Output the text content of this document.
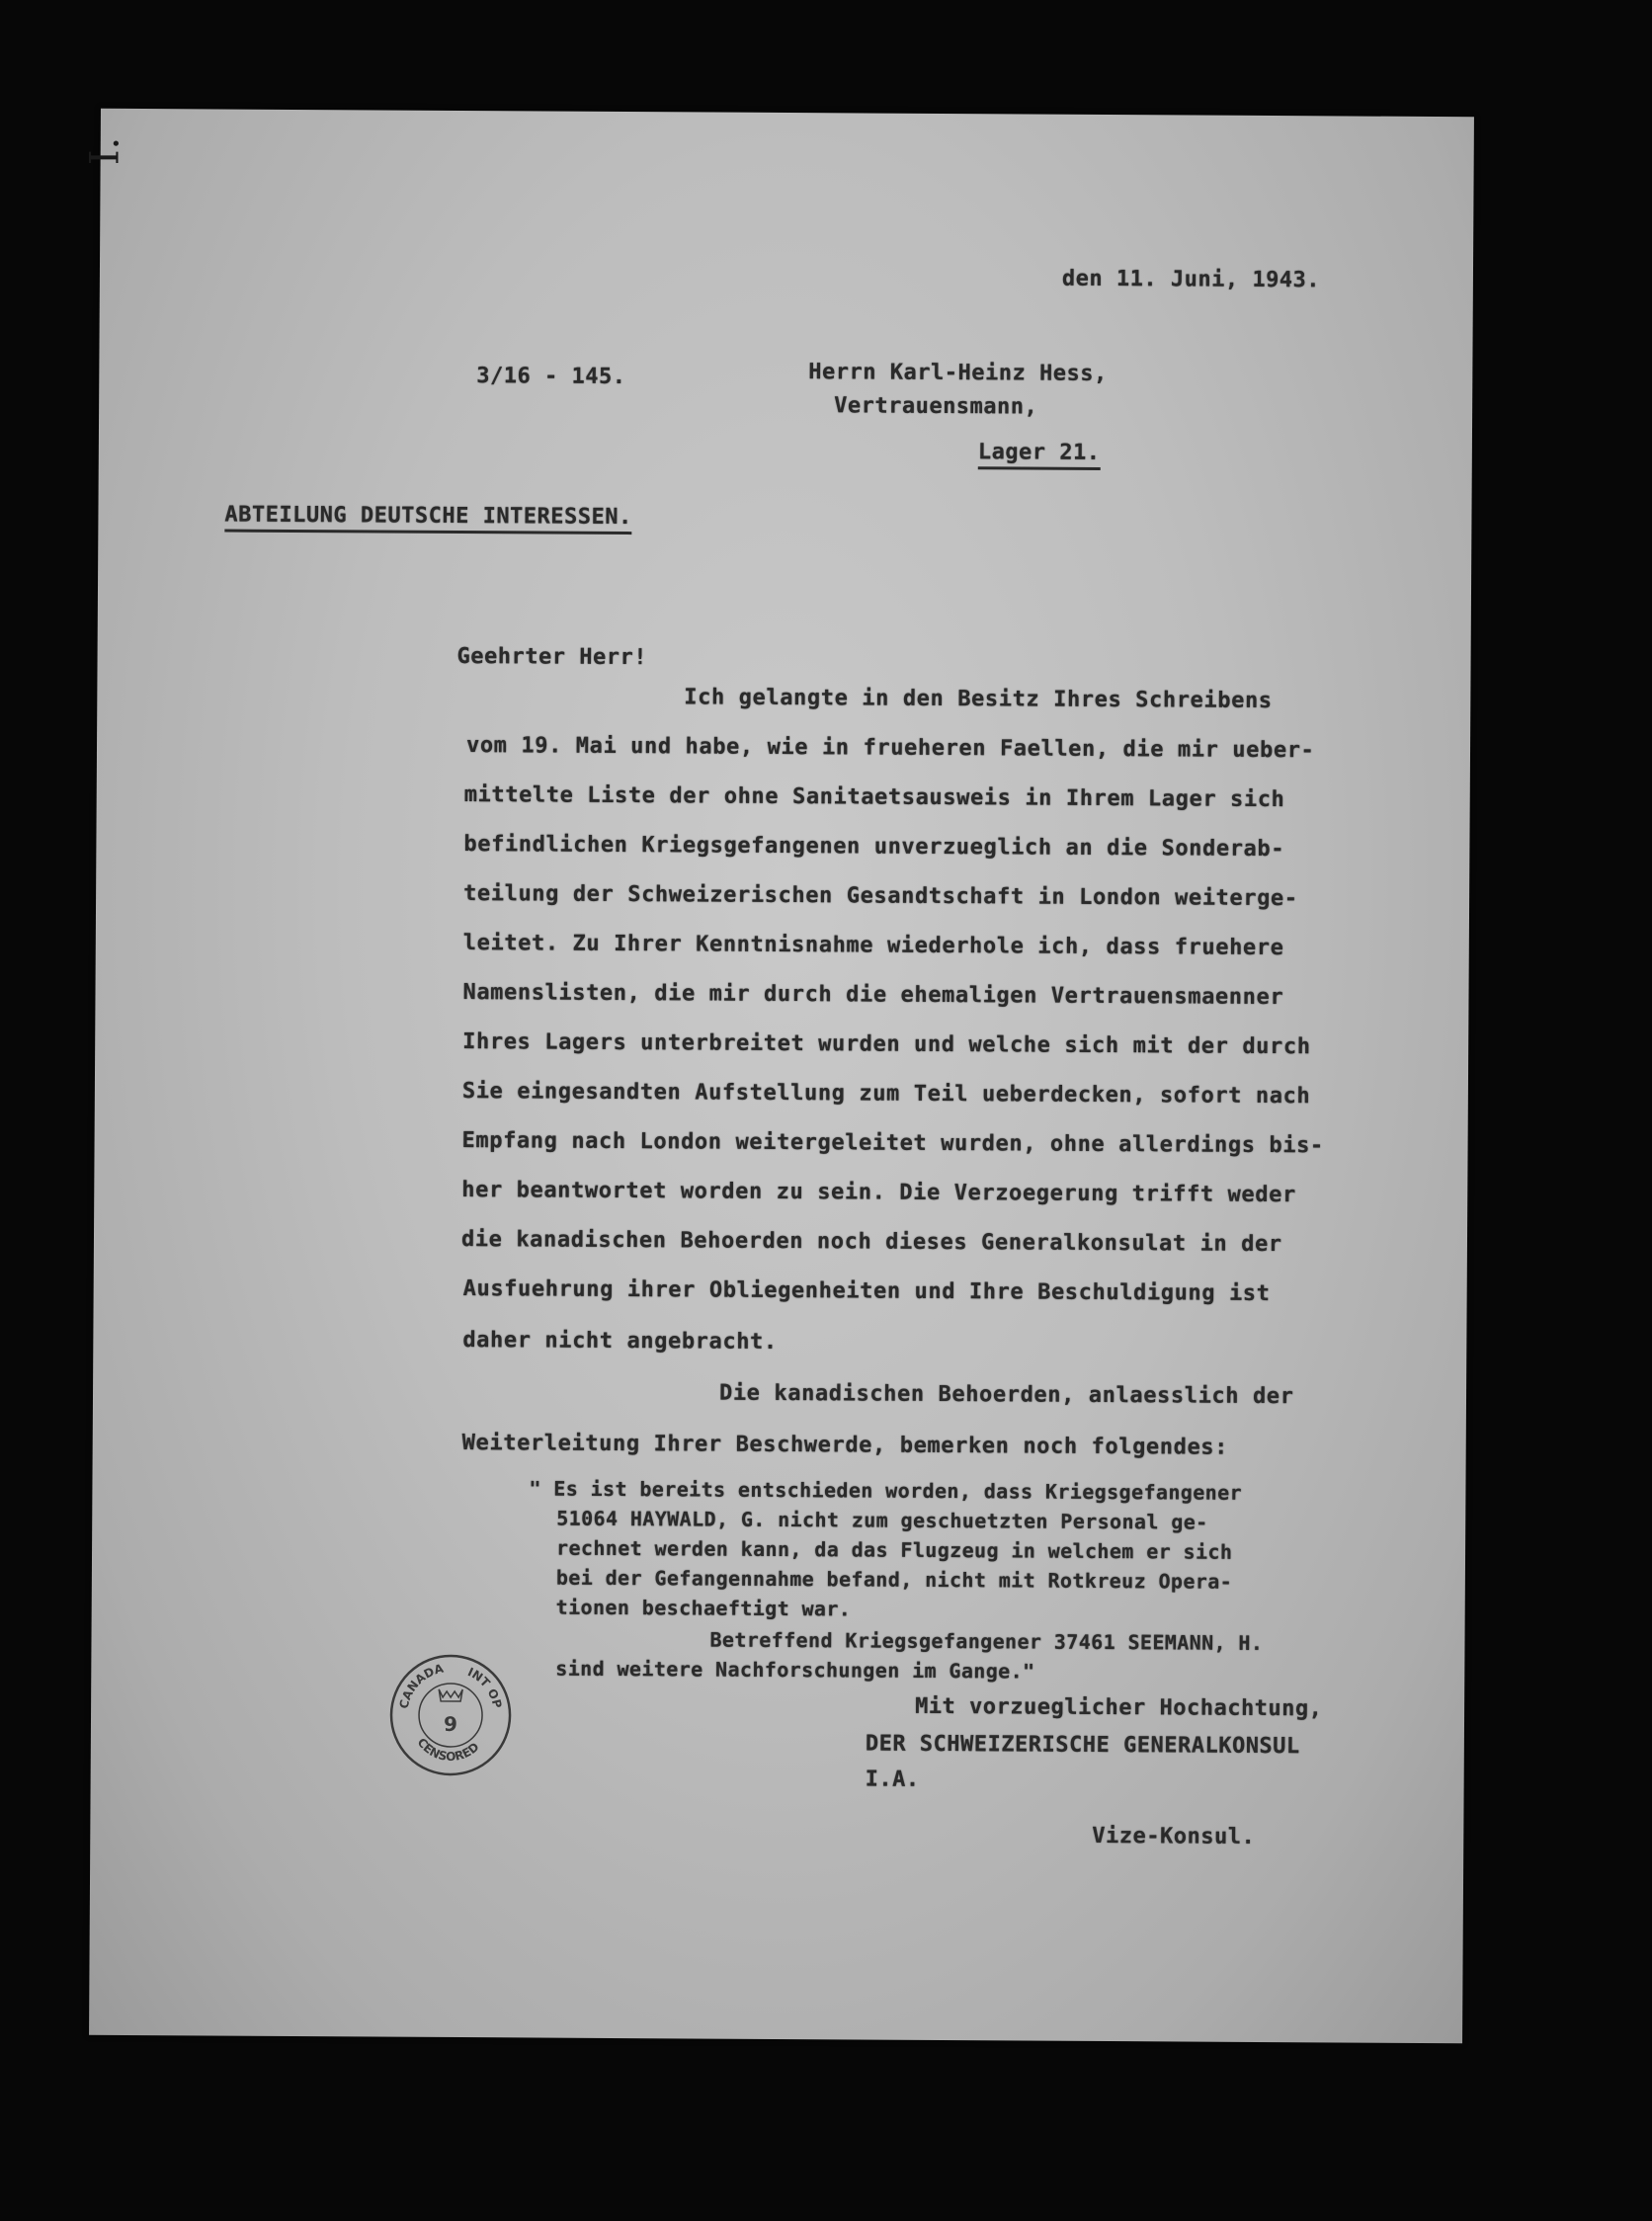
den 11. Juni, 1943.
3/16 - 145.	Herrn Karl-Heinz Hess,
Vertrauensmann,
Lager 21.
ABTEILUNG DEUTSCHE INTERESSEN.
Geehrter Herr!
Ich gelangte in den Besitz Ihres Schreibens
vom 19. Mai und habe, wie in frueheren Faellen, die mir ueber-
mittelte Liste der ohne Sanitaetsausweis in Ihrem Lager sich
befindlichen Kriegsgefangenen unverzueglich an die Sonderab-
teilung der Schweizerischen Gesandtschaft in London weiterge-
leitet. Zu Ihrer Kenntnisnahme wiederhole ich, dass fruehere
Namenslisten, die mir durch die ehemaligen Vertrauensmaenner
Ihres Lagers unterbreitet wurden und welche sich mit der durch
Sie eingesandten Aufstellung zum Teil ueberdecken, sofort nach
Empfang nach London weitergeleitet wurden, ohne allerdings bis-
her beantwortet worden zu sein. Die Verzoegerung trifft weder
die kanadischen Behoerden noch dieses Generalkonsulat in der
Ausfuehrung ihrer Obliegenheiten und Ihre Beschuldigung ist
daher nicht angebracht.
Die kanadischen Behoerden, anlaesslich der
Weiterleitung Ihrer Beschwerde, bemerken noch folgendes:
" Es ist bereits entschieden worden, dass Kriegsgefangener
51064 HAYWALD, G. nicht zum geschuetzten Personal ge-
rechnet werden kann, da das Flugzeug in welchem er sich
bei der Gefangennahme befand, nicht mit Rotkreuz Opera-
tionen beschaeftigt war.
Betreffend Kriegsgefangener 37461 SEEMANN, H.
sind weitere Nachforschungen im Gange."
Mit vorzueglicher Hochachtung,
DER SCHWEIZERISCHE GENERALKONSUL
I.A.
Vize-Konsul.
CANADA INT OP
9
CENSORED
I.
